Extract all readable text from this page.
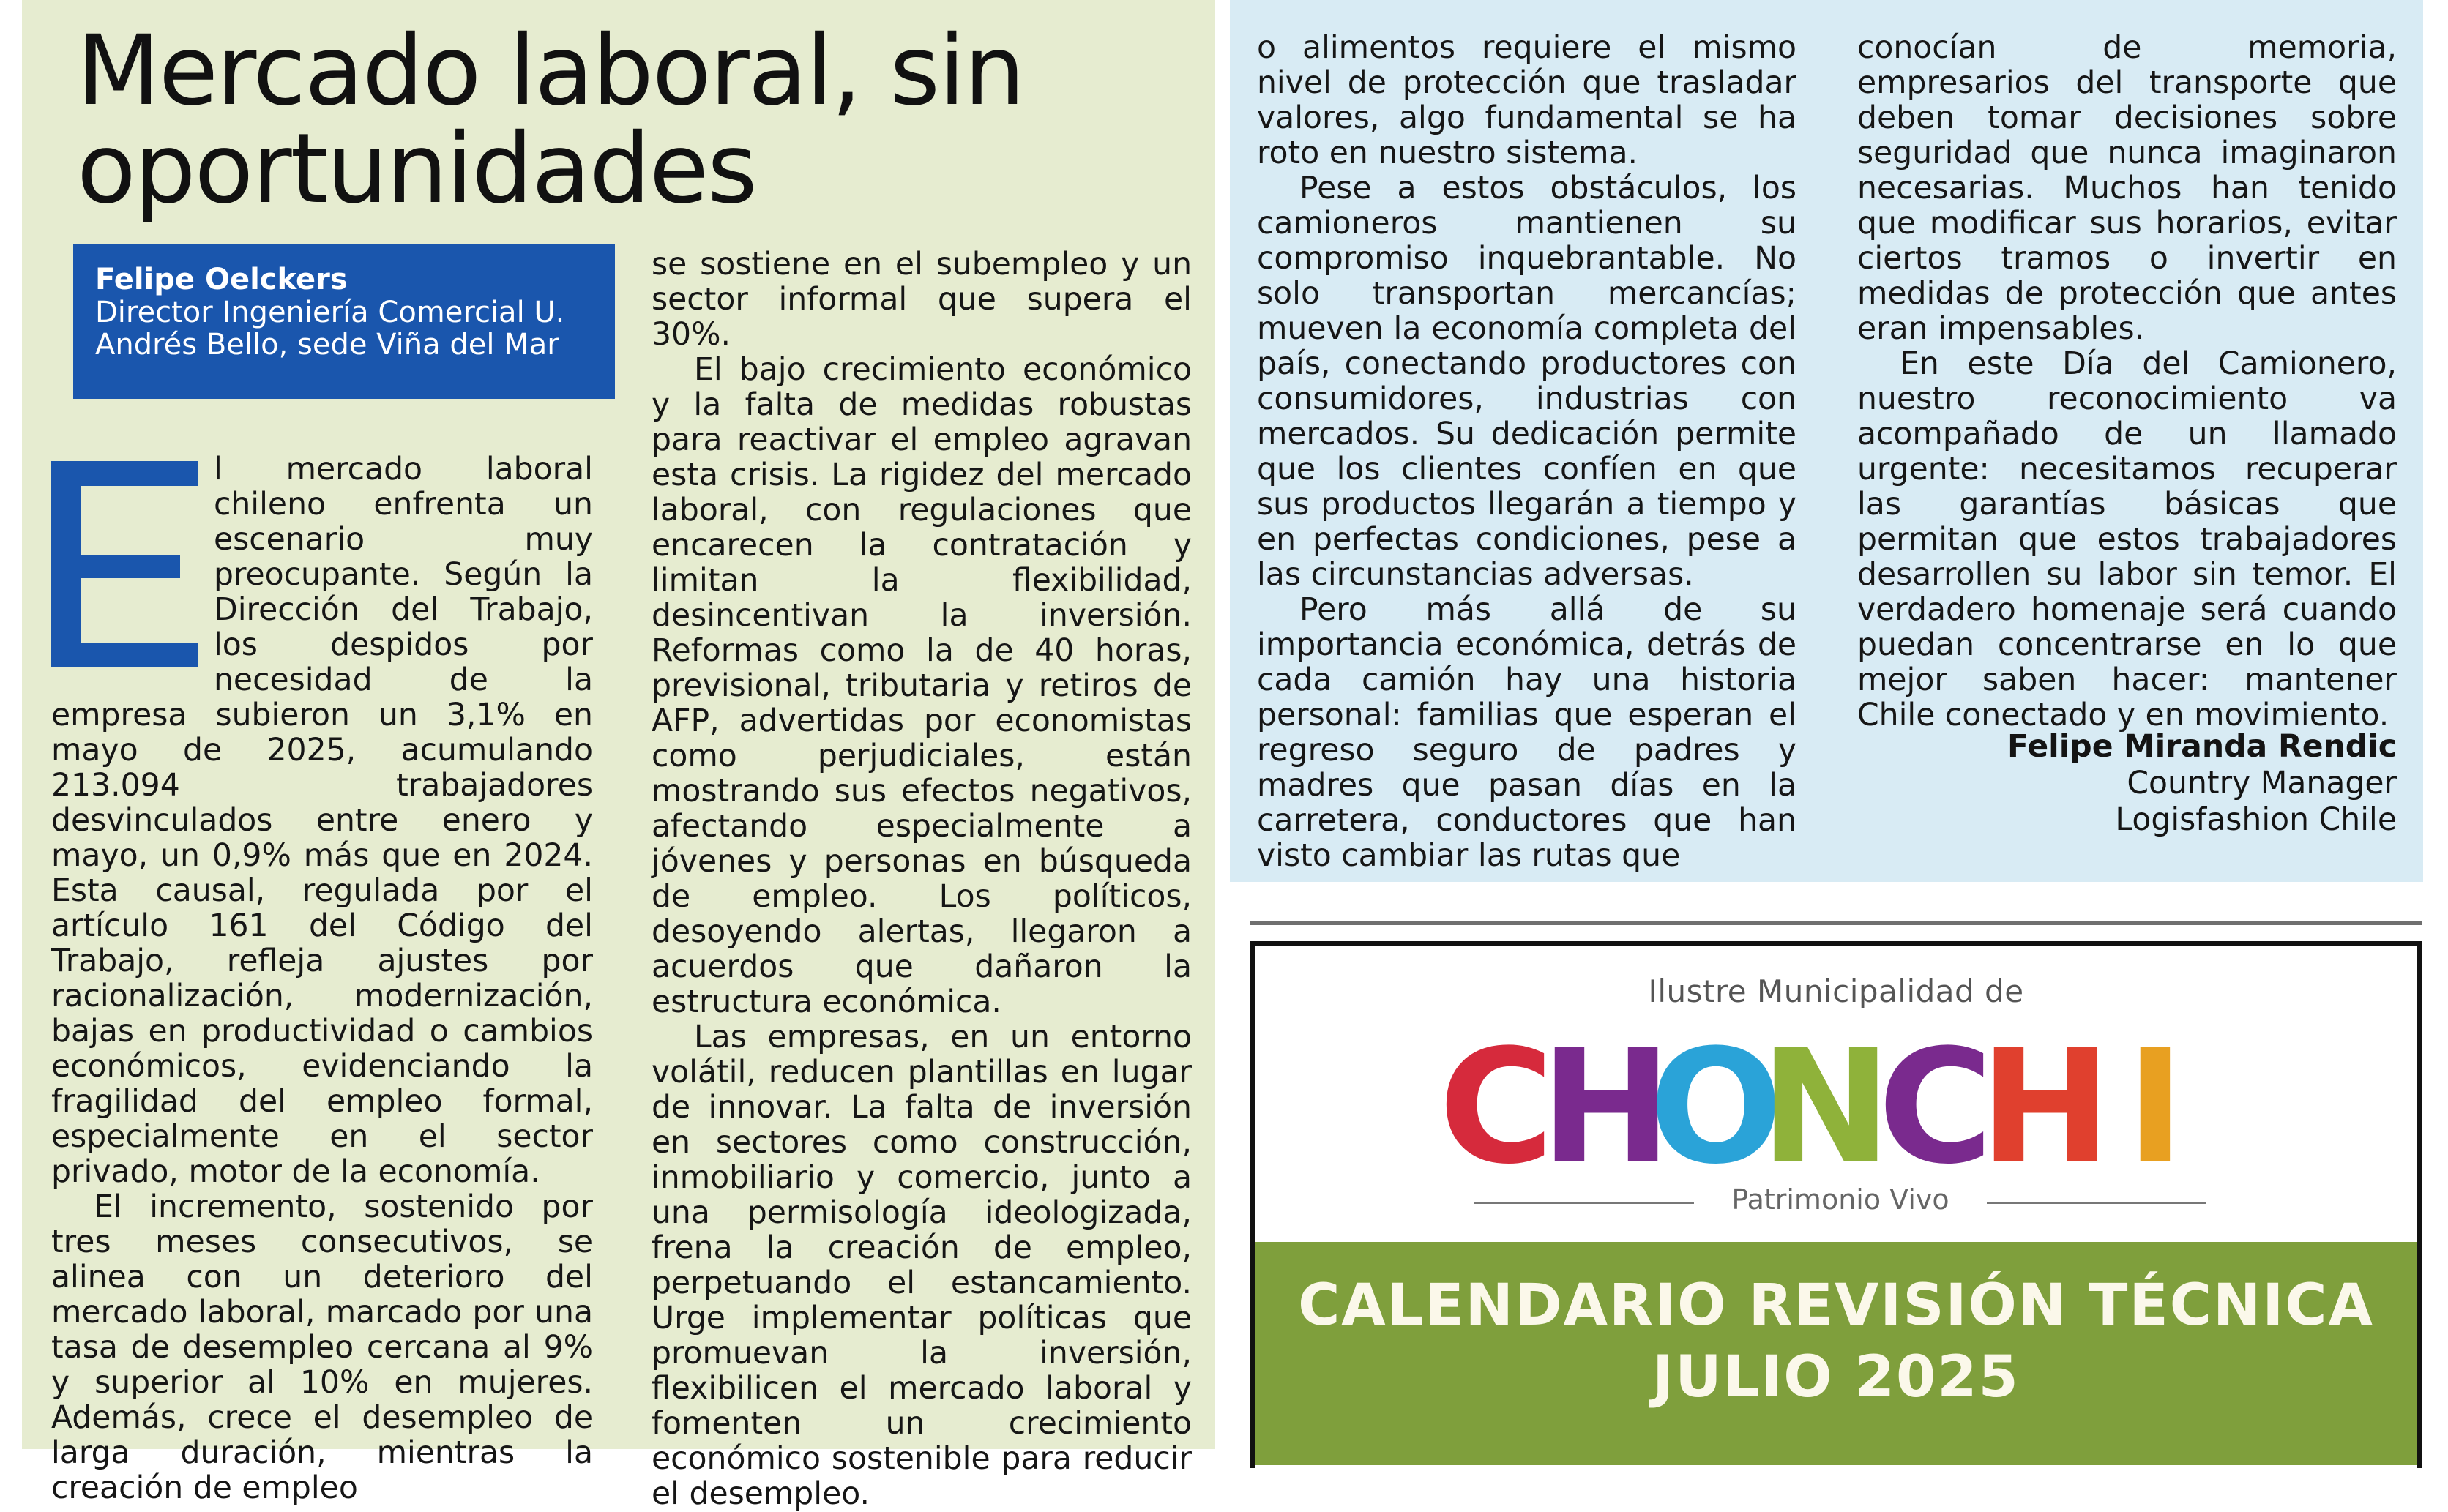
Mercado laboral, sin oportunidades
Felipe Oelckers
Director Ingeniería Comercial U. Andrés Bello, sede Viña del Mar

l mercado laboral chileno enfrenta un escenario muy preocupante. Según la Dirección del Trabajo, los despidos por necesidad de la empresa subieron un 3,1% en mayo de 2025, acumulando 213.094 trabajadores desvinculados entre enero y mayo, un 0,9% más que en 2024. Esta causal, regulada por el artículo 161 del Código del Trabajo, refleja ajustes por racionalización, modernización, bajas en productividad o cambios económicos, evidenciando la fragilidad del empleo formal, especialmente en el sector privado, motor de la economía.

El incremento, sostenido por tres meses consecutivos, se alinea con un deterioro del mercado laboral, marcado por una tasa de desempleo cercana al 9% y superior al 10% en mujeres. Además, crece el desempleo de larga duración, mientras la creación de empleo

se sostiene en el subempleo y un sector informal que supera el 30%.

El bajo crecimiento económico y la falta de medidas robustas para reactivar el empleo agravan esta crisis. La rigidez del mercado laboral, con regulaciones que encarecen la contratación y limitan la flexibilidad, desincentivan la inversión. Reformas como la de 40 horas, previsional, tributaria y retiros de AFP, advertidas por economistas como perjudiciales, están mostrando sus efectos negativos, afectando especialmente a jóvenes y personas en búsqueda de empleo. Los políticos, desoyendo alertas, llegaron a acuerdos que dañaron la estructura económica.

Las empresas, en un entorno volátil, reducen plantillas en lugar de innovar. La falta de inversión en sectores como construcción, inmobiliario y comercio, junto a una permisología ideologizada, frena la creación de empleo, perpetuando el estancamiento. Urge implementar políticas que promuevan la inversión, flexibilicen el mercado laboral y fomenten un crecimiento económico sostenible para reducir el desempleo.

o alimentos requiere el mismo nivel de protección que trasladar valores, algo fundamental se ha roto en nuestro sistema.

Pese a estos obstáculos, los camioneros mantienen su compromiso inquebrantable. No solo transportan mercancías; mueven la economía completa del país, conectando productores con consumidores, industrias con mercados. Su dedicación permite que los clientes confíen en que sus productos llegarán a tiempo y en perfectas condiciones, pese a las circunstancias adversas.

Pero más allá de su importancia económica, detrás de cada camión hay una historia personal: familias que esperan el regreso seguro de padres y madres que pasan días en la carretera, conductores que han visto cambiar las rutas que

conocían de memoria, empresarios del transporte que deben tomar decisiones sobre seguridad que nunca imaginaron necesarias. Muchos han tenido que modificar sus horarios, evitar ciertos tramos o invertir en medidas de protección que antes eran impensables.

En este Día del Camionero, nuestro reconocimiento va acompañado de un llamado urgente: necesitamos recuperar las garantías básicas que permitan que estos trabajadores desarrollen su labor sin temor. El verdadero homenaje será cuando puedan concentrarse en lo que mejor saben hacer: mantener Chile conectado y en movimiento.

Felipe Miranda Rendic
Country Manager
Logisfashion Chile
Ilustre Municipalidad de
C
H
O
N
C
H I
Patrimonio Vivo
CALENDARIO REVISIÓN TÉCNICA
JULIO 2025
